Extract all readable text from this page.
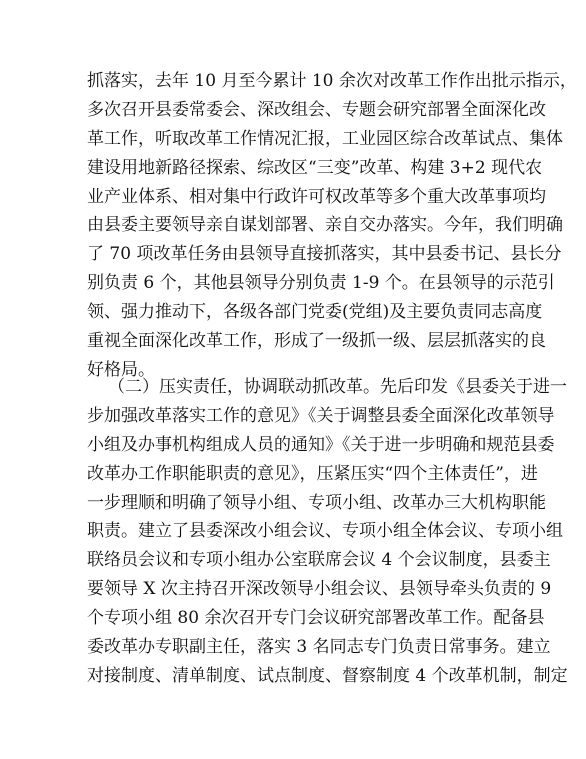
抓落实，去年 10 月至今累计 10 余次对改革工作作出批示指示，
多次召开县委常委会、深改组会、专题会研究部署全面深化改
革工作，听取改革工作情况汇报，工业园区综合改革试点、集体
建设用地新路径探索、综改区“三变”改革、构建 3+2 现代农
业产业体系、相对集中行政许可权改革等多个重大改革事项均
由县委主要领导亲自谋划部署、亲自交办落实。今年，我们明确
了 70 项改革任务由县领导直接抓落实，其中县委书记、县长分
别负责 6 个，其他县领导分别负责 1-9 个。在县领导的示范引
领、强力推动下，各级各部门党委(党组)及主要负责同志高度
重视全面深化改革工作，形成了一级抓一级、层层抓落实的良
好格局。
（二）压实责任，协调联动抓改革。先后印发《县委关于进一
步加强改革落实工作的意见》《关于调整县委全面深化改革领导
小组及办事机构组成人员的通知》《关于进一步明确和规范县委
改革办工作职能职责的意见》，压紧压实“四个主体责任”，进
一步理顺和明确了领导小组、专项小组、改革办三大机构职能
职责。建立了县委深改小组会议、专项小组全体会议、专项小组
联络员会议和专项小组办公室联席会议 4 个会议制度，县委主
要领导 X 次主持召开深改领导小组会议、县领导牵头负责的 9
个专项小组 80 余次召开专门会议研究部署改革工作。配备县
委改革办专职副主任，落实 3 名同志专门负责日常事务。建立
对接制度、清单制度、试点制度、督察制度 4 个改革机制，制定
